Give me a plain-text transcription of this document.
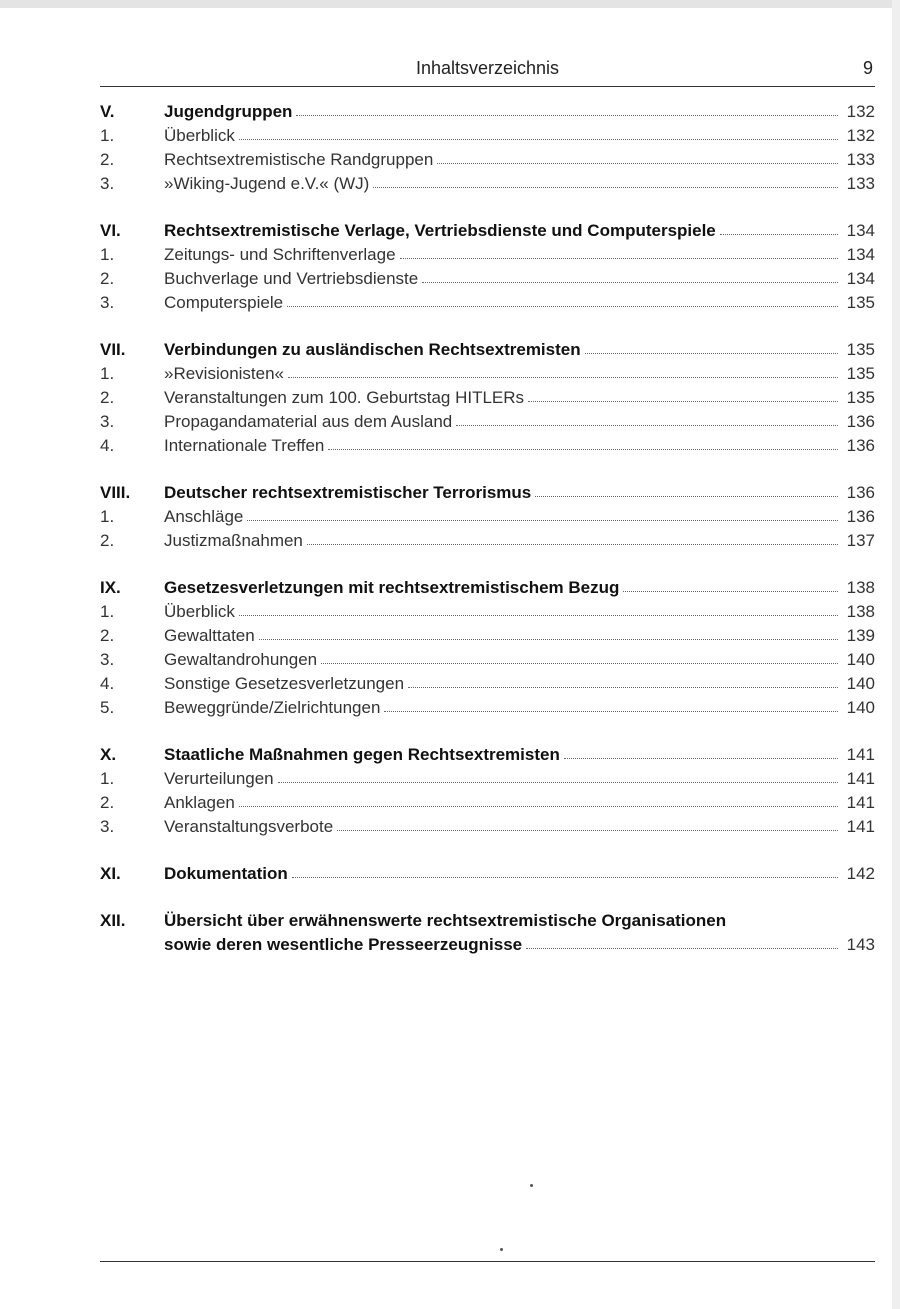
Inhaltsverzeichnis	9
V.	Jugendgruppen	132
1.	Überblick	132
2.	Rechtsextremistische Randgruppen	133
3.	»Wiking-Jugend e.V.« (WJ)	133
VI.	Rechtsextremistische Verlage, Vertriebsdienste und Computerspiele	134
1.	Zeitungs- und Schriftenverlage	134
2.	Buchverlage und Vertriebsdienste	134
3.	Computerspiele	135
VII.	Verbindungen zu ausländischen Rechtsextremisten	135
1.	»Revisionisten«	135
2.	Veranstaltungen zum 100. Geburtstag HITLERs	135
3.	Propagandamaterial aus dem Ausland	136
4.	Internationale Treffen	136
VIII.	Deutscher rechtsextremistischer Terrorismus	136
1.	Anschläge	136
2.	Justizmaßnahmen	137
IX.	Gesetzesverletzungen mit rechtsextremistischem Bezug	138
1.	Überblick	138
2.	Gewalttaten	139
3.	Gewaltandrohungen	140
4.	Sonstige Gesetzesverletzungen	140
5.	Beweggründe/Zielrichtungen	140
X.	Staatliche Maßnahmen gegen Rechtsextremisten	141
1.	Verurteilungen	141
2.	Anklagen	141
3.	Veranstaltungsverbote	141
XI.	Dokumentation	142
XII.	Übersicht über erwähnenswerte rechtsextremistische Organisationen
sowie deren wesentliche Presseerzeugnisse	143
